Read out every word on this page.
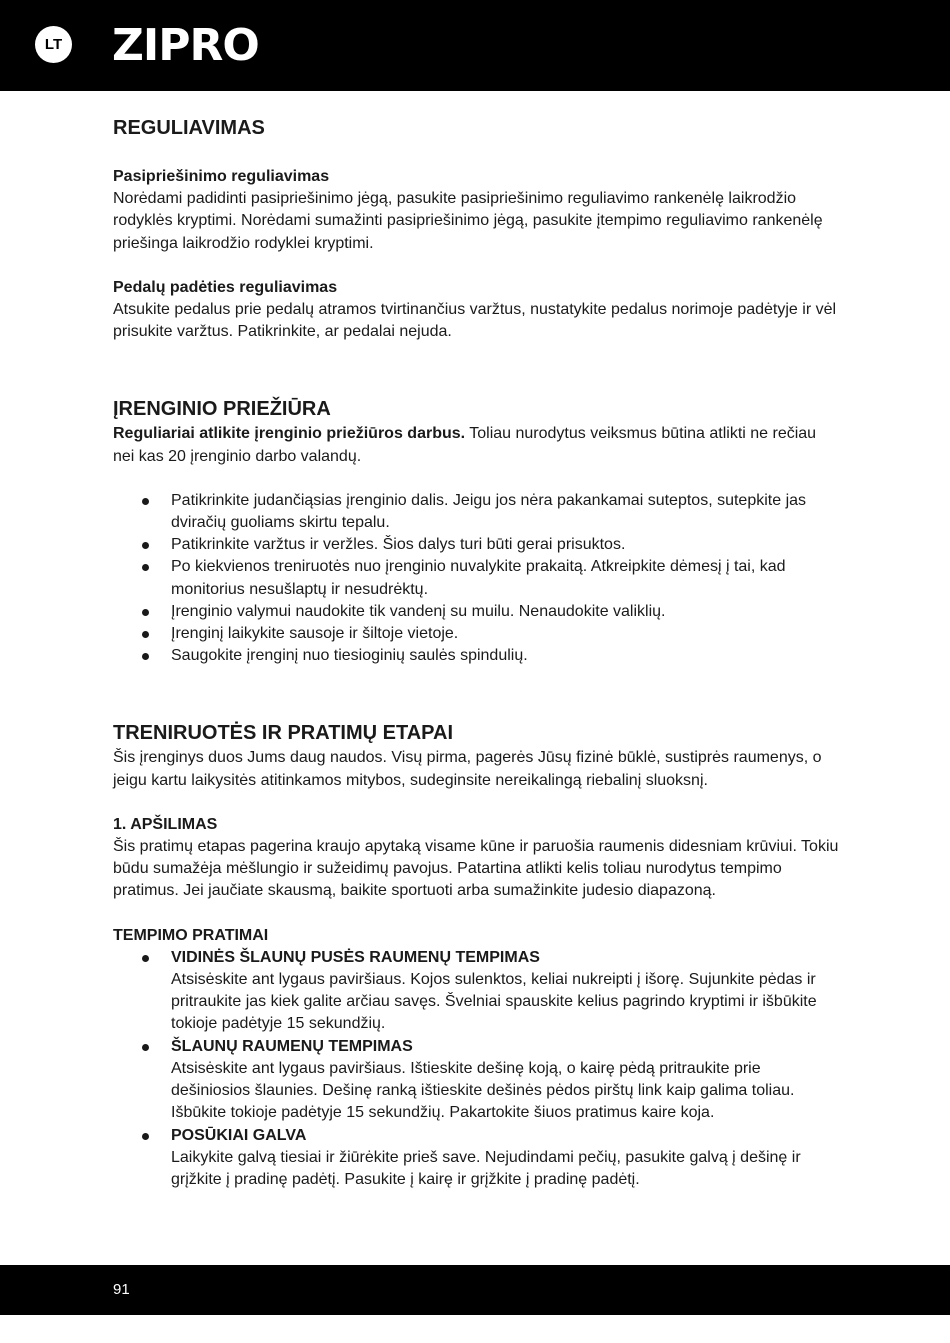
LT ZIPRO
REGULIAVIMAS

Pasipriešinimo reguliavimas

Norėdami padidinti pasipriešinimo jėgą, pasukite pasipriešinimo reguliavimo rankenėlę laikrodžio rodyklės kryptimi. Norėdami sumažinti pasipriešinimo jėgą, pasukite įtempimo reguliavimo rankenėlę priešinga laikrodžio rodyklei kryptimi.

Pedalų padėties reguliavimas

Atsukite pedalus prie pedalų atramos tvirtinančius varžtus, nustatykite pedalus norimoje padėtyje ir vėl prisukite varžtus. Patikrinkite, ar pedalai nejuda.

ĮRENGINIO PRIEŽIŪRA

Reguliariai atlikite įrenginio priežiūros darbus. Toliau nurodytus veiksmus būtina atlikti ne rečiau nei kas 20 įrenginio darbo valandų.

Patikrinkite judančiąsias įrenginio dalis. Jeigu jos nėra pakankamai suteptos, sutepkite jas dviračių guoliams skirtu tepalu.
Patikrinkite varžtus ir veržles. Šios dalys turi būti gerai prisuktos.
Po kiekvienos treniruotės nuo įrenginio nuvalykite prakaitą. Atkreipkite dėmesį į tai, kad monitorius nesušlaptų ir nesudrėktų.
Įrenginio valymui naudokite tik vandenį su muilu. Nenaudokite valiklių.
Įrenginį laikykite sausoje ir šiltoje vietoje.
Saugokite įrenginį nuo tiesioginių saulės spindulių.
TRENIRUOTĖS IR PRATIMŲ ETAPAI

Šis įrenginys duos Jums daug naudos. Visų pirma, pagerės Jūsų fizinė būklė, sustiprės raumenys, o jeigu kartu laikysitės atitinkamos mitybos, sudeginsite nereikalingą riebalinį sluoksnį.

1. APŠILIMAS

Šis pratimų etapas pagerina kraujo apytaką visame kūne ir paruošia raumenis didesniam krūviui. Tokiu būdu sumažėja mėšlungio ir sužeidimų pavojus. Patartina atlikti kelis toliau nurodytus tempimo pratimus. Jei jaučiate skausmą, baikite sportuoti arba sumažinkite judesio diapazoną.

TEMPIMO PRATIMAI

VIDINĖS ŠLAUNŲ PUSĖS RAUMENŲ TEMPIMAS
Atsisėskite ant lygaus paviršiaus. Kojos sulenktos, keliai nukreipti į išorę. Sujunkite pėdas ir pritraukite jas kiek galite arčiau savęs. Švelniai spauskite kelius pagrindo kryptimi ir išbūkite tokioje padėtyje 15 sekundžių.
ŠLAUNŲ RAUMENŲ TEMPIMAS
Atsisėskite ant lygaus paviršiaus. Ištieskite dešinę koją, o kairę pėdą pritraukite prie dešiniosios šlaunies. Dešinę ranką ištieskite dešinės pėdos pirštų link kaip galima toliau. Išbūkite tokioje padėtyje 15 sekundžių. Pakartokite šiuos pratimus kaire koja.
POSŪKIAI GALVA
Laikykite galvą tiesiai ir žiūrėkite prieš save. Nejudindami pečių, pasukite galvą į dešinę ir grįžkite į pradinę padėtį. Pasukite į kairę ir grįžkite į pradinę padėtį.
91
